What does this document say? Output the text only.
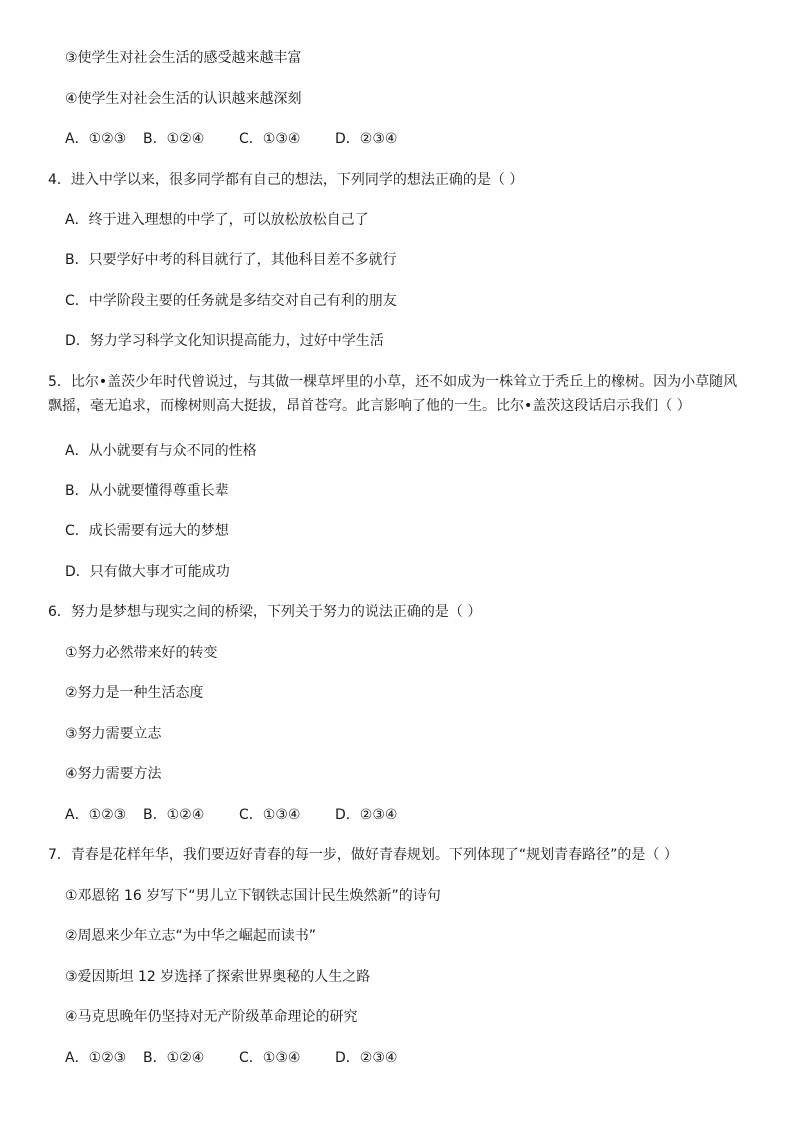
③使学生对社会生活的感受越来越丰富
④使学生对社会生活的认识越来越深刻
A．①②③ B．①②④ C．①③④ D．②③④
4．进入中学以来，很多同学都有自己的想法，下列同学的想法正确的是（ ）
A．终于进入理想的中学了，可以放松放松自己了
B．只要学好中考的科目就行了，其他科目差不多就行
C．中学阶段主要的任务就是多结交对自己有利的朋友
D．努力学习科学文化知识提高能力，过好中学生活
5．比尔•盖茨少年时代曾说过，与其做一棵草坪里的小草，还不如成为一株耸立于秃丘上的橡树。因为小草随风飘摇，毫无追求，而橡树则高大挺拔，昂首苍穹。此言影响了他的一生。比尔•盖茨这段话启示我们（ ）
A．从小就要有与众不同的性格
B．从小就要懂得尊重长辈
C．成长需要有远大的梦想
D．只有做大事才可能成功
6．努力是梦想与现实之间的桥梁，下列关于努力的说法正确的是（ ）
①努力必然带来好的转变
②努力是一种生活态度
③努力需要立志
④努力需要方法
A．①②③ B．①②④ C．①③④ D．②③④
7．青春是花样年华，我们要迈好青春的每一步，做好青春规划。下列体现了“规划青春路径”的是（ ）
①邓恩铭 16 岁写下“男儿立下钢铁志国计民生焕然新”的诗句
②周恩来少年立志“为中华之崛起而读书”
③爱因斯坦 12 岁选择了探索世界奥秘的人生之路
④马克思晚年仍坚持对无产阶级革命理论的研究
A．①②③ B．①②④ C．①③④ D．②③④
